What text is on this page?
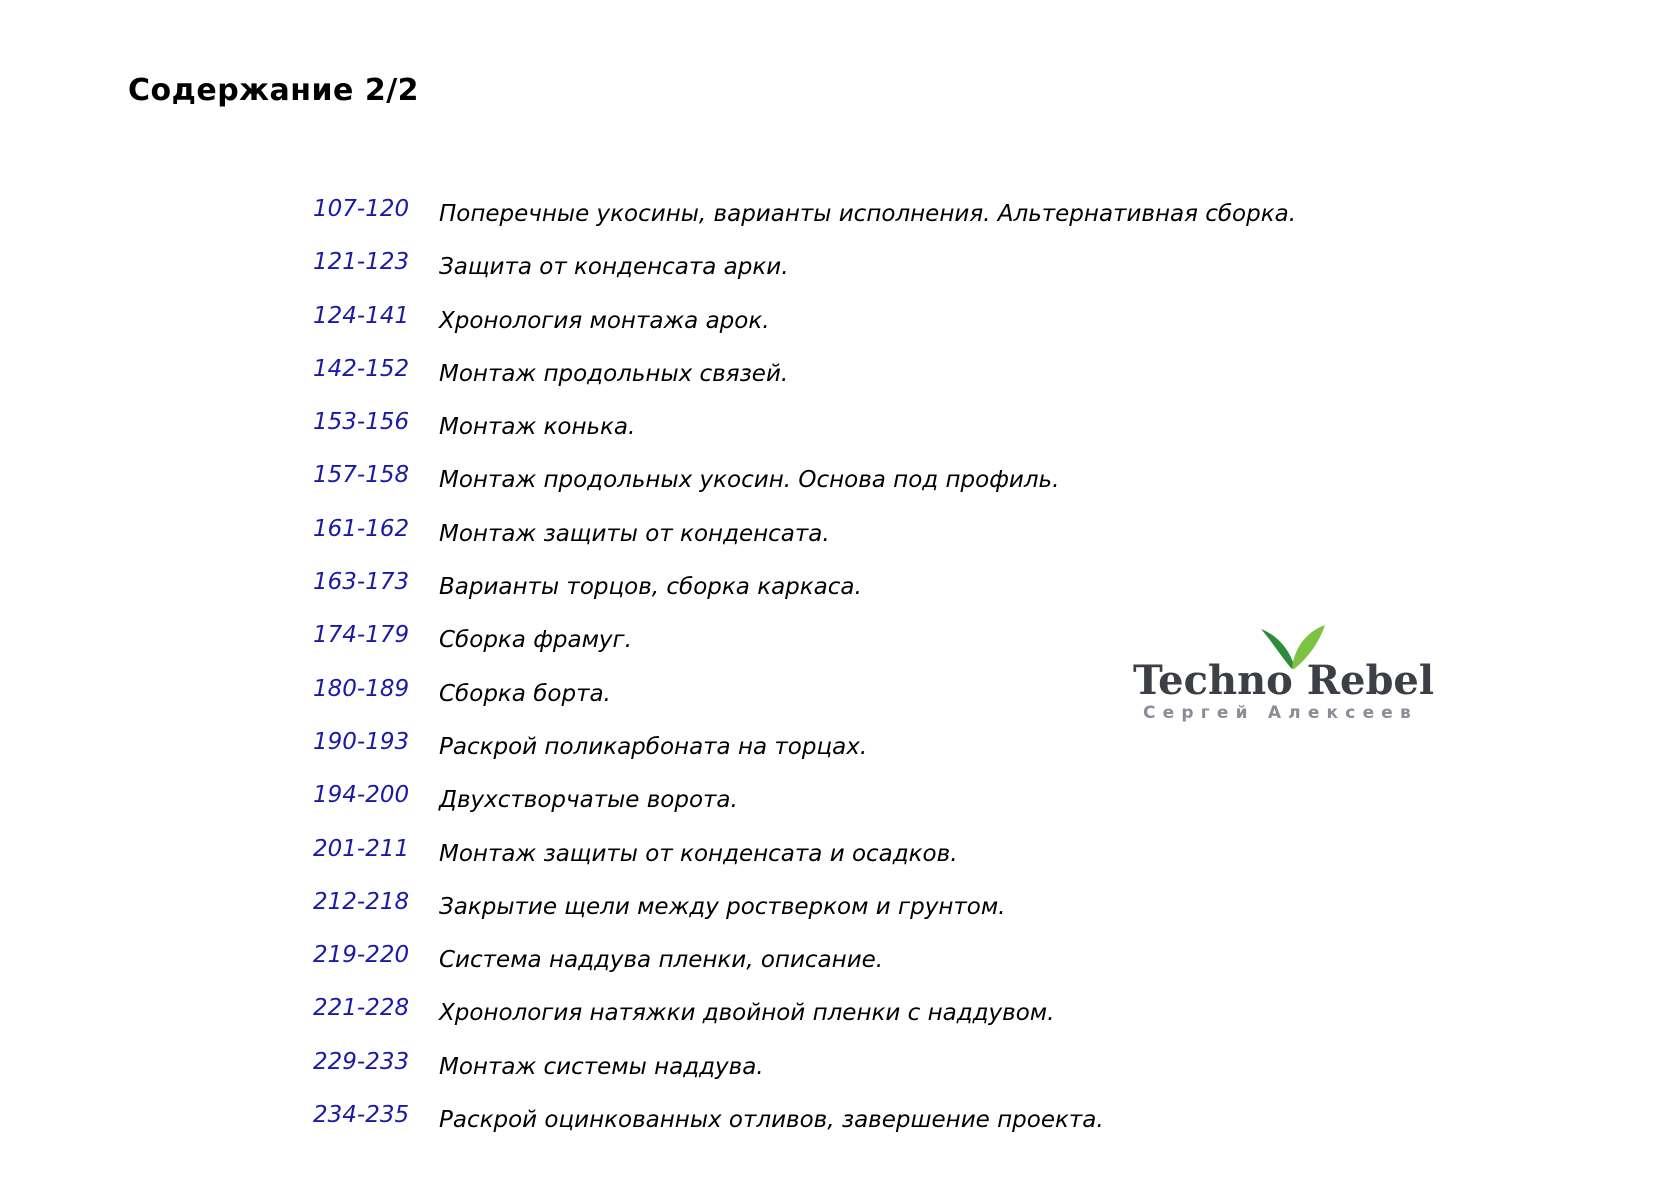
Содержание 2/2
107-120	Поперечные укосины, варианты исполнения. Альтернативная сборка.
121-123	Защита от конденсата арки.
124-141	Хронология монтажа арок.
142-152	Монтаж продольных связей.
153-156	Монтаж конька.
157-158	Монтаж продольных укосин. Основа под профиль.
161-162	Монтаж защиты от конденсата.
163-173	Варианты торцов, сборка каркаса.
174-179	Сборка фрамуг.
180-189	Сборка борта.
190-193	Раскрой поликарбоната на торцах.
194-200	Двухстворчатые ворота.
201-211	Монтаж защиты от конденсата и осадков.
212-218	Закрытие щели между ростверком и грунтом.
219-220	Система наддува пленки, описание.
221-228	Хронология натяжки двойной пленки с наддувом.
229-233	Монтаж системы наддува.
234-235	Раскрой оцинкованных отливов, завершение проекта.
Techno Rebel
Сергей Алексеев
